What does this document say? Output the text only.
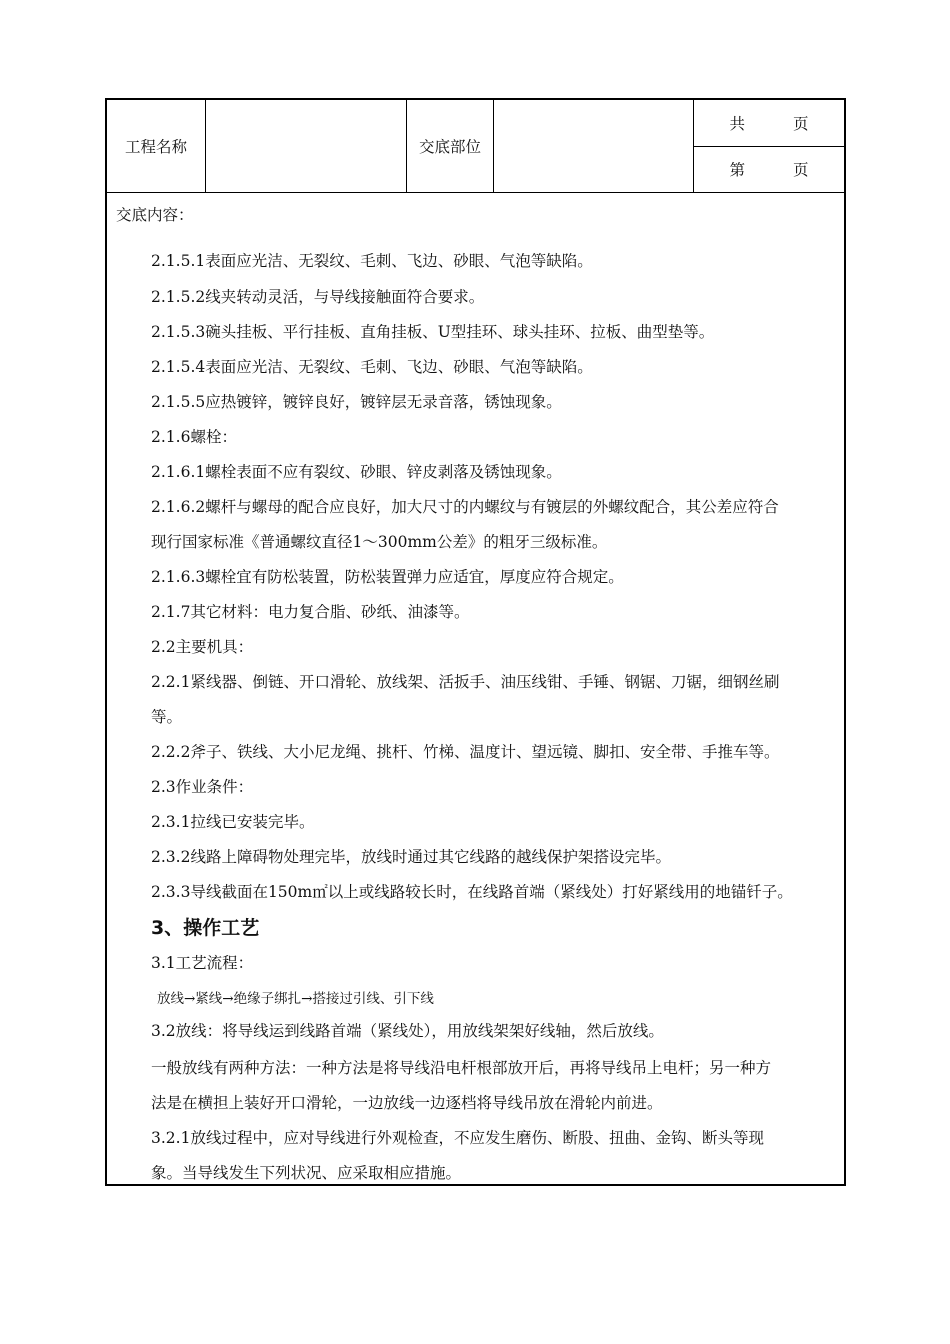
工程名称	交底部位
共	页
第	页
交底内容：
2.1.5.1表面应光洁、无裂纹、毛刺、飞边、砂眼、气泡等缺陷。
2.1.5.2线夹转动灵活，与导线接触面符合要求。
2.1.5.3碗头挂板、平行挂板、直角挂板、U型挂环、球头挂环、拉板、曲型垫等。
2.1.5.4表面应光洁、无裂纹、毛刺、飞边、砂眼、气泡等缺陷。
2.1.5.5应热镀锌，镀锌良好，镀锌层无录音落，锈蚀现象。
2.1.6螺栓：
2.1.6.1螺栓表面不应有裂纹、砂眼、锌皮剥落及锈蚀现象。
2.1.6.2螺杆与螺母的配合应良好，加大尺寸的内螺纹与有镀层的外螺纹配合，其公差应符合
现行国家标准《普通螺纹直径1～300mm公差》的粗牙三级标准。
2.1.6.3螺栓宜有防松装置，防松装置弹力应适宜，厚度应符合规定。
2.1.7其它材料：电力复合脂、砂纸、油漆等。
2.2主要机具：
2.2.1紧线器、倒链、开口滑轮、放线架、活扳手、油压线钳、手锤、钢锯、刀锯，细钢丝刷
等。
2.2.2斧子、铁线、大小尼龙绳、挑杆、竹梯、温度计、望远镜、脚扣、安全带、手推车等。
2.3作业条件：
2.3.1拉线已安装完毕。
2.3.2线路上障碍物处理完毕，放线时通过其它线路的越线保护架搭设完毕。
2.3.3导线截面在150m㎡以上或线路较长时，在线路首端（紧线处）打好紧线用的地锚钎子。
3、操作工艺
3.1工艺流程：
放线→紧线→绝缘子绑扎→搭接过引线、引下线
3.2放线：将导线运到线路首端（紧线处），用放线架架好线轴，然后放线。
一般放线有两种方法：一种方法是将导线沿电杆根部放开后，再将导线吊上电杆；另一种方
法是在横担上装好开口滑轮，一边放线一边逐档将导线吊放在滑轮内前进。
3.2.1放线过程中，应对导线进行外观检查，不应发生磨伤、断股、扭曲、金钩、断头等现
象。当导线发生下列状况、应采取相应措施。
